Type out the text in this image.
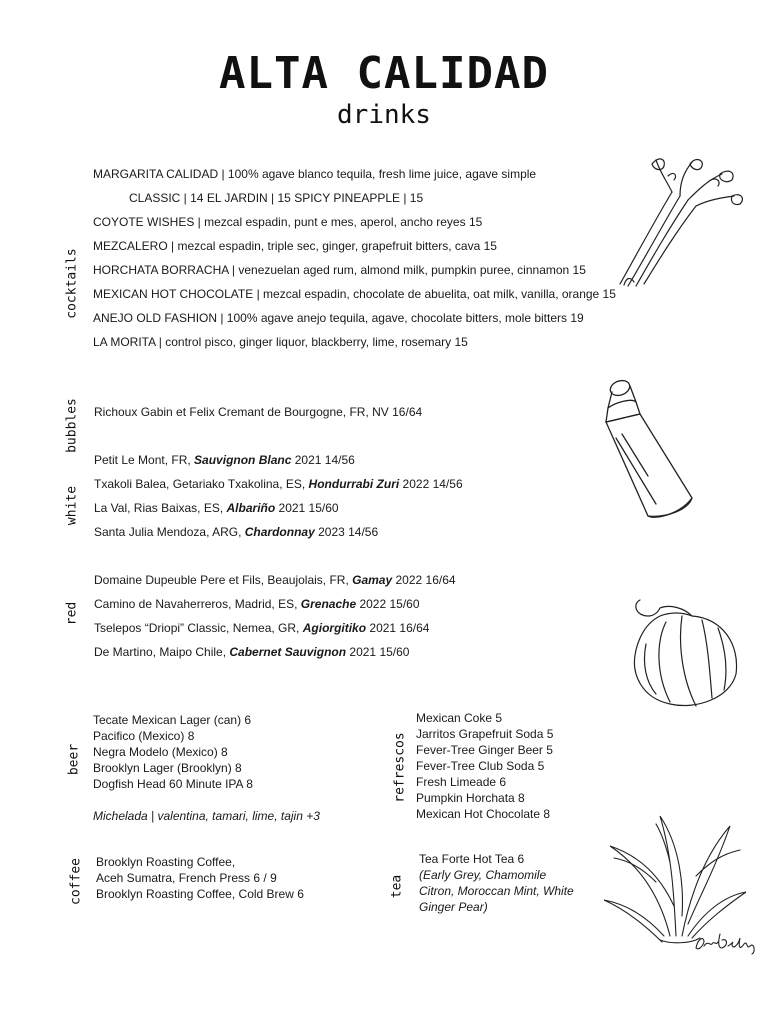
ALTA CALIDAD
drinks
cocktails
MARGARITA CALIDAD | 100% agave blanco tequila, fresh lime juice, agave simple
CLASSIC | 14 EL JARDIN | 15 SPICY PINEAPPLE | 15
COYOTE WISHES | mezcal espadin, punt e mes, aperol, ancho reyes 15
MEZCALERO | mezcal espadin, triple sec, ginger, grapefruit bitters, cava 15
HORCHATA BORRACHA | venezuelan aged rum, almond milk, pumpkin puree, cinnamon 15
MEXICAN HOT CHOCOLATE | mezcal espadin, chocolate de abuelita, oat milk, vanilla, orange 15
ANEJO OLD FASHION | 100% agave anejo tequila, agave, chocolate bitters, mole bitters 19
LA MORITA | control pisco, ginger liquor, blackberry, lime, rosemary 15
bubbles Richoux Gabin et Felix Cremant de Bourgogne, FR, NV 16/64
white
Petit Le Mont, FR, Sauvignon Blanc 2021 14/56
Txakoli Balea, Getariako Txakolina, ES, Hondurrabi Zuri 2022 14/56
La Val, Rias Baixas, ES, Albariño 2021 15/60
Santa Julia Mendoza, ARG, Chardonnay 2023 14/56
red
Domaine Dupeuble Pere et Fils, Beaujolais, FR, Gamay 2022 16/64
Camino de Navaherreros, Madrid, ES, Grenache 2022 15/60
Tselepos “Driopi” Classic, Nemea, GR, Agiorgitiko 2021 16/64
De Martino, Maipo Chile, Cabernet Sauvignon 2021 15/60
beer
Tecate Mexican Lager (can) 6
Pacifico (Mexico) 8
Negra Modelo (Mexico) 8
Brooklyn Lager (Brooklyn) 8
Dogfish Head 60 Minute IPA 8
Michelada | valentina, tamari, lime, tajin +3
refrescos
Mexican Coke 5
Jarritos Grapefruit Soda 5
Fever-Tree Ginger Beer 5
Fever-Tree Club Soda 5
Fresh Limeade 6
Pumpkin Horchata 8
Mexican Hot Chocolate 8
coffee Brooklyn Roasting Coffee,
Aceh Sumatra, French Press 6 / 9
Brooklyn Roasting Coffee, Cold Brew 6	tea
Tea Forte Hot Tea 6
(Early Grey, Chamomile
Citron, Moroccan Mint, White
Ginger Pear)
